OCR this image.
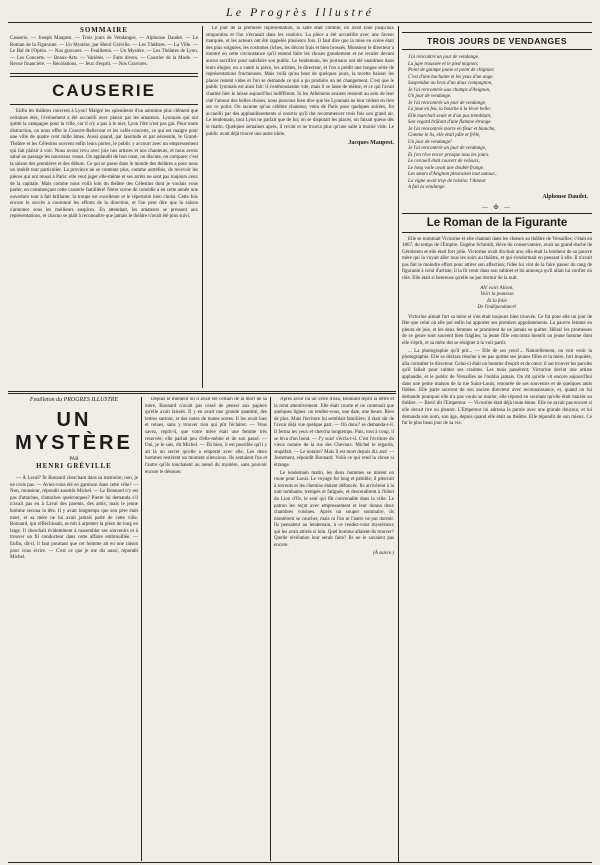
Le Progrès Illustré
SOMMAIRE
Causerie. — Joseph Maupest. — Trois jours de Vendanges. — Alphonse Daudet. — Le Roman de la Figurante. — Un Mystère, par Henri Gréville. — Les Théâtres. — La Ville. — Le Bal de l'Opéra. — Nos gravures. — Feuilleton. — Un Mystère. — Les Théâtres de Lyon. — Les Concerts. — Beaux-Arts. — Variétés. — Faits divers. — Courrier de la Mode. — Revue financière. — Récréations. — Jeux d'esprit. — Nos Gravures.
CAUSERIE

Enfin les théâtres rouvrent à Lyon! Malgré les splendeurs d'un automne plus clément que certaines étés, l'événement a été accueilli avec plaisir par les amateurs. Lyonnais qui ont quitté la campagne pour la ville, car il n'y a pas à le nier, Lyon l'été n'est pas gai. Pour toute distraction, on nous offre le Concert-Bellecour et les cafés-concerts, ce qui est maigre pour une ville de quatre cent mille âmes. Aussi quand, par lassitude et par nécessité, le Grand-Théâtre et les Célestins ouvrent enfin leurs portes, le public y accourt avec un empressement qui fait plaisir à voir. Nous avons revu avec joie nos artistes et nos chanteurs, et nous avons salué au passage les nouveaux venus. On applaudit de bon cœur, on discute, on compare; c'est la saison des premières et des débuts. Ce qui se passe dans le monde des théâtres a pour nous un intérêt tout particulier. La province ne se contente plus, comme autrefois, de recevoir les pièces qui ont réussi à Paris: elle veut juger elle-même et ses arrêts ne sont pas toujours ceux de la capitale. Mais comme nous voilà loin du théâtre des Célestins dont je voulais vous parler, en commençant cette causerie familière! Notre scène de comédie a en cette année une ouverture tout à fait brillante; la troupe est excellente et le répertoire bien choisi. Cette fois encore le succès a couronné les efforts de la direction, et l'on peut dire que la saison s'annonce sous les meilleurs auspices. En attendant, les amateurs se pressent aux représentations, et chacun se plaît à reconnaître que jamais le théâtre n'avait été plus suivi.

Le jour de la première représentation, la salle était comble; on avait loué jusqu'aux strapontins et l'on s'écrasait dans les couloirs. La pièce a été accueillie avec une faveur marquée, et les acteurs ont été rappelés plusieurs fois. Il faut dire que la mise en scène était des plus soignées, les costumes riches, les décors frais et bien brossés. Monsieur le directeur a montré en cette circonstance qu'il entend faire les choses grandement et ne reculer devant aucun sacrifice pour satisfaire son public. Le lendemain, les journaux ont été unanimes dans leurs éloges; on a vanté la pièce, les artistes, le directeur, et l'on a prédit une longue série de représentations fructueuses. Mais voilà qu'au bout de quelques jours, la recette baisse; les places restent vides et l'on se demande ce qui a pu produire un tel changement. C'est que le public lyonnais est ainsi fait: il s'enthousiasme vite, mais il se lasse de même, et ce qui l'avait charmé hier le laisse aujourd'hui indifférent. Si les Athéniens avaient ressenti au sein de leur cité l'amour des belles choses, nous pouvons bien dire que les Lyonnais ne leur cèdent en rien sur ce point. On raconte qu'un célèbre chanteur, venu de Paris pour quelques soirées, fut accueilli par des applaudissements si nourris qu'il dut recommencer trois fois son grand air. Le lendemain, tout Lyon ne parlait que de lui; on se disputait les places, on faisait queue dès le matin. Quelques semaines après, il revint et ne trouva plus qu'une salle à moitié vide. Le public avait déjà trouvé une autre idole.

Jacques Maupest.
TROIS JOURS DE VENDANGES
J'ai rencontré un jour de vendange,
La jupe troussée et le pied mignon;
Point de guimpe jaune et point de chignon:
C'est d'une bachante et les yeux d'un ange.
Suspendue au bras d'un doux compagnon,
Je l'ai rencontrée aux champs d'Avignon,
Un jour de vendange.
Je l'ai rencontrée un jour de vendange,
La joue en feu, la bouche à la lèvre belle;
Elle marchait seule et d'un pas tremblant,
Son regard brûlant d'une flamme étrange.
Je l'ai rencontrée morte en fleur et blanche,
Comme le lis, elle était pâle et frêle,
Un jour de vendange!
Je l'ai rencontrée un jour de vendange,
Et j'en rêve encor presque tous les jours.
Le cercueil était couvert de velours,
Le long voile avait une double frange.
Les sœurs d'Avignon pleuraient tout autour...
La vigne avait trop de raisins: l'Amour
A fait la vendange.
Alphonse Daudet.
— ✠ —
Le Roman de la Figurante

Elle se nommait Victorine et elle chantait dans les chœurs au théâtre de Versailles; c'était en 1867, du temps de l'Empire. Eugène Schmidt, élève du conservatoire, avait un grand-duché de Gérolstein et elle était fort jolie. Victorine avait dix-huit ans; elle était la bonheur de sa pauvre mère qui la voyait aller tous les soirs au théâtre, et qui s'endormait en pensant à elle. Il n'avait pas fait le moindre effort pour attirer son affection; l'idée lui vint de la faire passer du rang de figurante à celui d'artiste; il la fit venir dans son cabinet et lui annonça qu'il allait lui confier un rôle. Elle était si heureuse qu'elle ne put dormir de la nuit.

Ah! voici Alison,
Voici la jeunesse
Et la folie
De l'indépendance!

Victorine aimait fort sa mère et s'en était toujours bien trouvée. Ce fut pour elle un jour de fête que celui où elle put enfin lui apporter ses premiers appointements. La pauvre femme en pleura de joie, et les deux femmes se promirent de ne jamais se quitter. Hélas! les promesses de ce genre sont souvent bien fragiles; la jeune fille rencontra bientôt un jeune homme dont elle s'éprit, et sa mère dut se résigner à la voir partir.

... La photographie qu'il prit... — Elle de ses yeux!... Naturellement, on voit venir la photographie. Elle se déclara résolue à ne pas quitter ses jeunes filles et la mère, fort inquiète, alla consulter le directeur. Celui-ci était un homme d'esprit et de cœur; il sut trouver les paroles qu'il fallait pour calmer ses craintes. Les mois passèrent; Victorine devint une artiste applaudie, et le public de Versailles ne l'oublia jamais. On dit qu'elle vit encore aujourd'hui dans une petite maison de la rue Saint-Louis, entourée de ses souvenirs et de quelques amis fidèles. Elle parle souvent de son ancien directeur avec reconnaissance, et, quand on lui demande pourquoi elle n'a pas voulu se marier, elle répond en souriant qu'elle était mariée au théâtre. — Bien! dit l'Empereur. — Victorine était déjà toute émue. Elle ne savait pas encore si elle devait rire ou pleurer. L'Empereur lui adressa la parole avec une grande douceur, et lui demanda son nom, son âge, depuis quand elle était au théâtre. Elle répondit de son mieux. Ce fut le plus beau jour de sa vie.

Feuilleton du PROGRÈS ILLUSTRÉ
UN MYSTÈRE
PAR
HENRI GRÉVILLE

— À Laval? fit Bonnard cherchant dans sa mémoire; non, je ne crois pas. — Aviez-vous été en garnison dans cette ville? — Non, monsieur, répondit aussitôt Michel. — Le Bonnard n'y est pas d'attaches, d'attaches quelconques? Pierre lui demanda s'il n'avait pas eu à Laval des parents, des amis; mais le jeune homme secoua la tête. Il y avait longtemps que son père était mort, et sa mère ne lui avait jamais parlé de cette ville. Bonnard, qui réfléchissait, se mit à arpenter la pièce de long en large. Il cherchait évidemment à rassembler ses souvenirs et à trouver un fil conducteur dans cette affaire embrouillée. — Enfin, dit-il, il faut pourtant que cet homme ait eu une raison pour vous écrire. — C'est ce que je me dis aussi, répondit Michel.

Depuis le moment où il avait été certain de la mort de sa mère, Bonnard n'avait pas cessé de penser aux papiers qu'elle avait laissés. Il y en avait une grande quantité, des lettres surtout, et des notes de toutes sortes. Il les avait lues et relues, sans y trouver rien qui pût l'éclairer. — Vous savez, reprit-il, que votre mère était une femme très réservée; elle parlait peu d'elle-même et de son passé. — Oui, je le sais, dit Michel. — Eh bien, il est possible qu'il y ait là un secret qu'elle a emporté avec elle. Les deux hommes restèrent un moment silencieux. Ils sentaient l'un et l'autre qu'ils touchaient au nœud du mystère, sans pouvoir encore le dénouer.

Après avoir bu un verre d'eau, Bonnard reprit la lettre et la relut attentivement. Elle était courte et ne contenait que quelques lignes: un rendez-vous, une date, une heure. Rien de plus. Mais l'écriture lui semblait familière; il était sûr de l'avoir déjà vue quelque part. — Où donc? se demanda-t-il. Il ferma les yeux et chercha longtemps. Puis, tout à coup, il se leva d'un bond. — J'y suis! s'écria-t-il. C'est l'écriture du vieux notaire de la rue des Chevaux. Michel le regarda, stupéfait. — Le notaire? Mais il est mort depuis dix ans! — Justement, répondit Bonnard. Voilà ce qui rend la chose si étrange.

Le lendemain matin, les deux hommes se mirent en route pour Laval. Le voyage fut long et pénible; il pleuvait à torrents et les chemins étaient défoncés. Ils arrivèrent à la nuit tombante, trempés et fatigués, et descendirent à l'hôtel du Lion d'Or, le seul qui fût convenable dans la ville. Le patron les reçut avec empressement et leur donna deux chambres voisines. Après un souper sommaire, ils montèrent se coucher, mais ni l'un ni l'autre ne put dormir. Ils pensaient au lendemain, à ce rendez-vous mystérieux qui les avait attirés si loin. Quel homme allaient-ils trouver? Quelle révélation leur serait faite? Ils ne le savaient pas encore.

(À suivre.)
